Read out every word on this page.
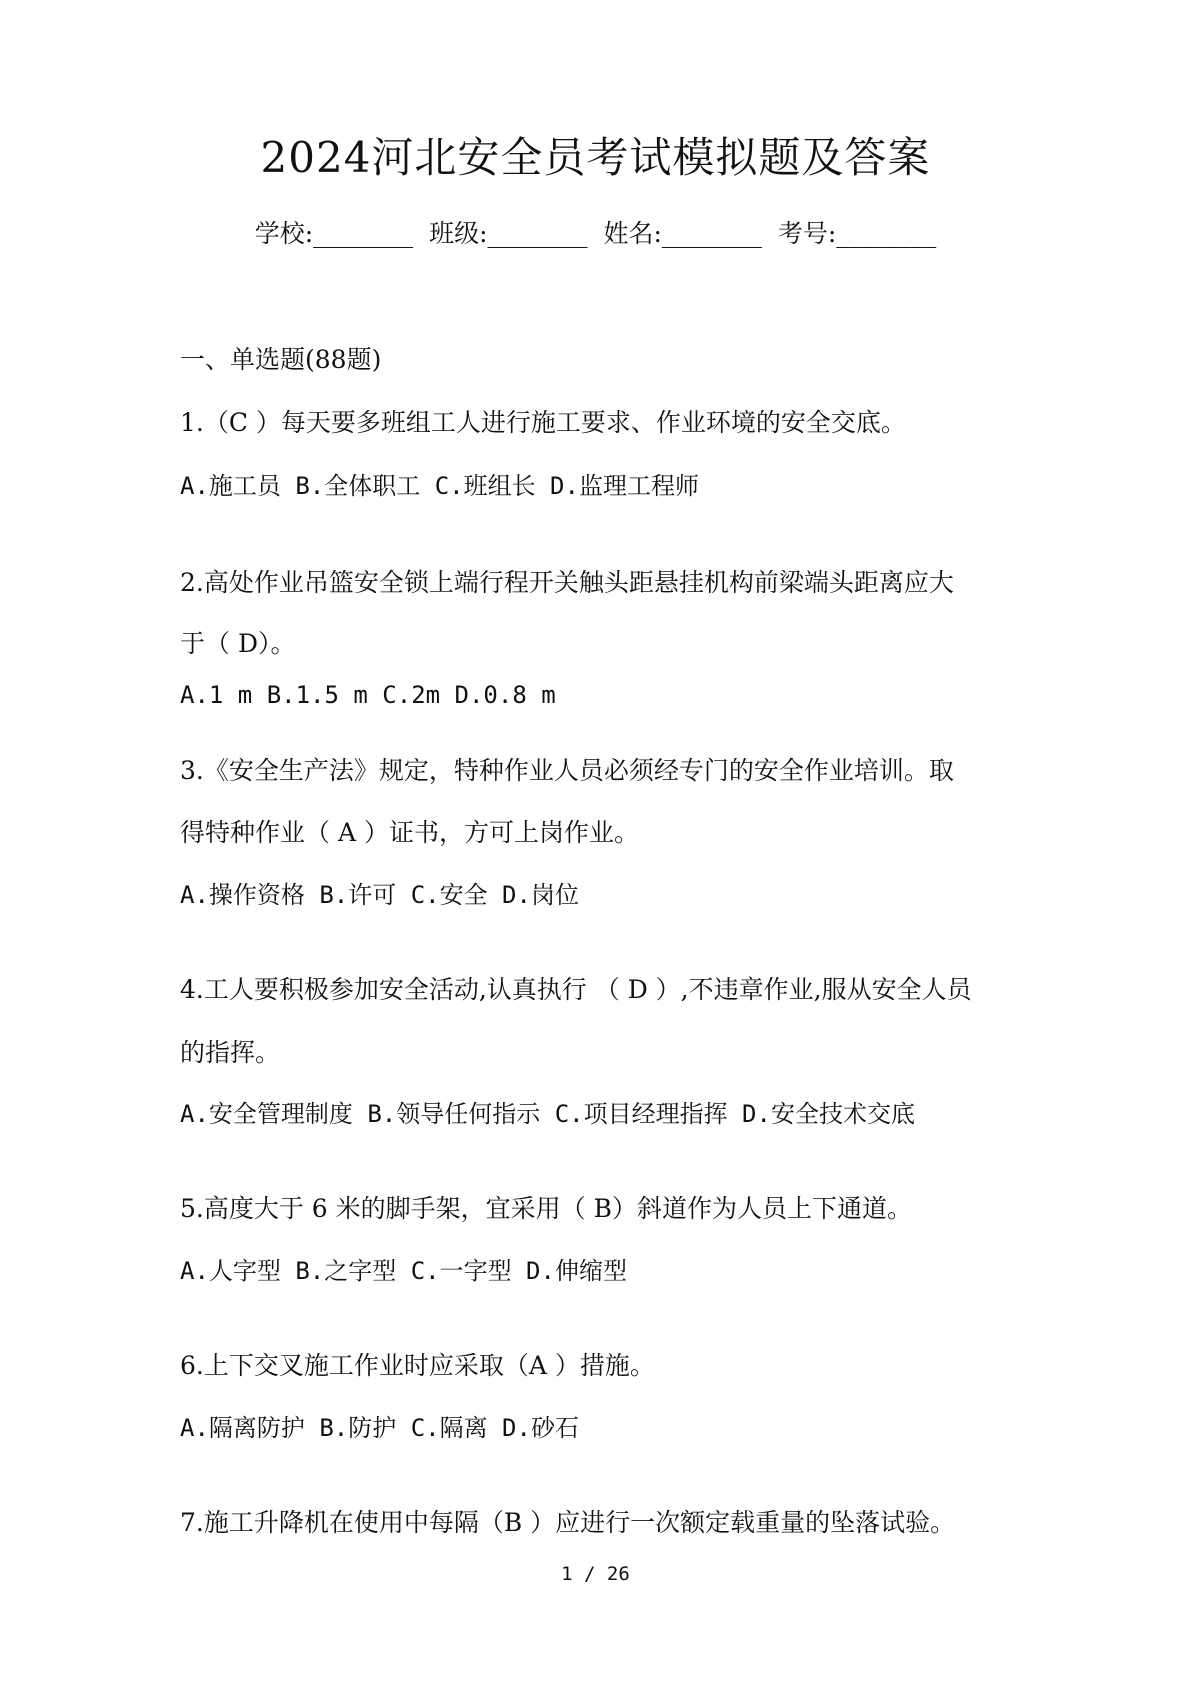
2024河北安全员考试模拟题及答案
学校:________ 班级:________ 姓名:________ 考号:________
一、单选题(88题)
1.（C ）每天要多班组工人进行施工要求、作业环境的安全交底。
A.施工员 B.全体职工 C.班组长 D.监理工程师
2.高处作业吊篮安全锁上端行程开关触头距悬挂机构前梁端头距离应大
于（ D）。
A.1 m B.1.5 m C.2m D.0.8 m
3.《安全生产法》规定，特种作业人员必须经专门的安全作业培训。取
得特种作业（ A ）证书，方可上岗作业。
A.操作资格 B.许可 C.安全 D.岗位
4.工人要积极参加安全活动,认真执行 （ D ）,不违章作业,服从安全人员
的指挥。
A.安全管理制度 B.领导任何指示 C.项目经理指挥 D.安全技术交底
5.高度大于 6 米的脚手架，宜采用（ B）斜道作为人员上下通道。
A.人字型 B.之字型 C.一字型 D.伸缩型
6.上下交叉施工作业时应采取（A ）措施。
A.隔离防护 B.防护 C.隔离 D.砂石
7.施工升降机在使用中每隔（B ）应进行一次额定载重量的坠落试验。
1 / 26
